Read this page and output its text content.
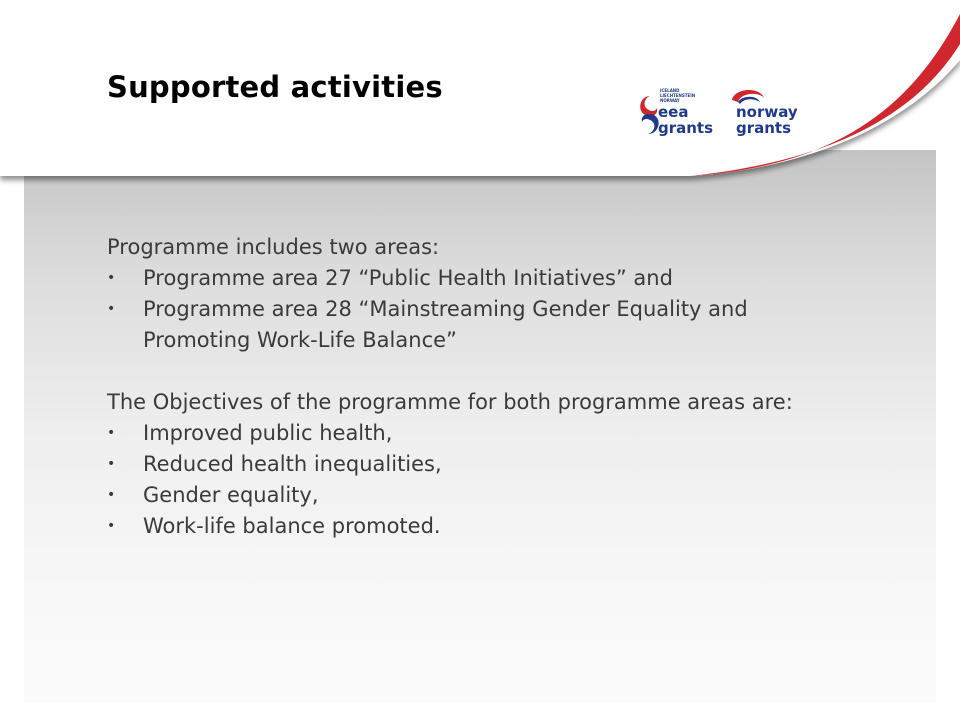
Supported activities	ICELAND
LIECHTENSTEIN
NORWAY
eea
grants
norway
grants

Programme includes two areas:

•	Programme area 27 “Public Health Initiatives” and
•	Programme area 28 “Mainstreaming Gender Equality and Promoting Work-Life Balance”

The Objectives of the programme for both programme areas are:

•	Improved public health,
•	Reduced health inequalities,
•	Gender equality,
•	Work-life balance promoted.
